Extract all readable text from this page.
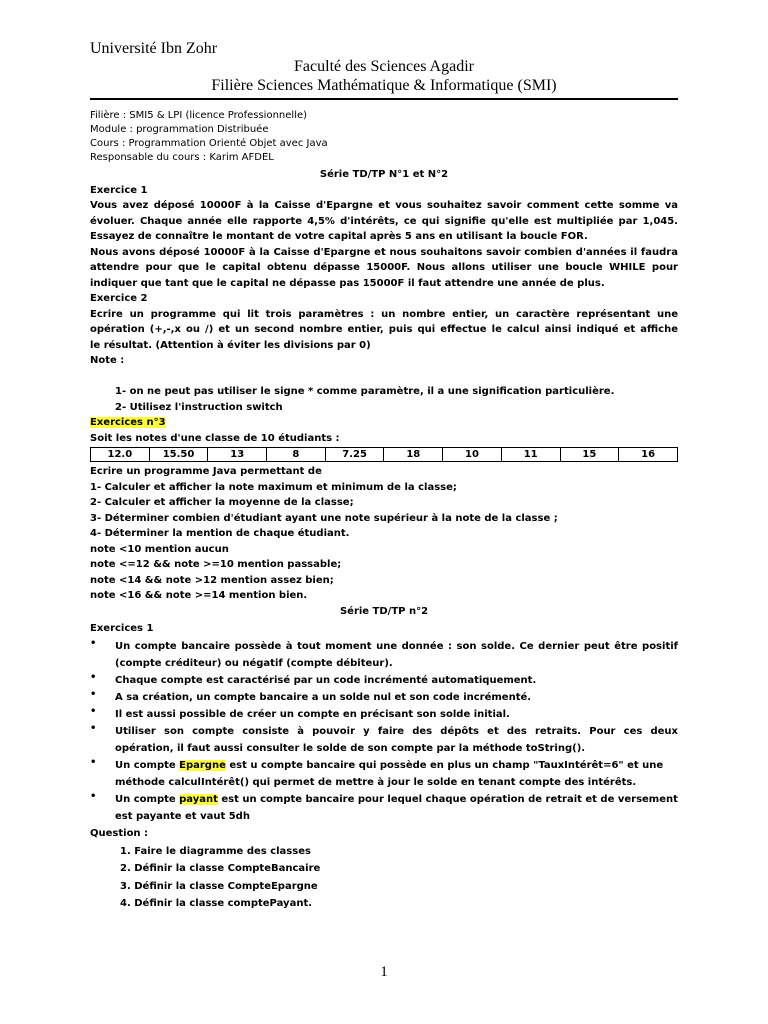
Université Ibn Zohr
Faculté des Sciences Agadir
Filière Sciences Mathématique & Informatique (SMI)
Filière : SMI5 & LPI (licence Professionnelle)
Module : programmation Distribuée
Cours : Programmation Orienté Objet avec Java
Responsable du cours : Karim AFDEL
Série TD/TP N°1 et N°2
Exercice 1
Vous avez déposé 10000F à la Caisse d'Epargne et vous souhaitez savoir comment cette somme va
évoluer. Chaque année elle rapporte 4,5% d'intérêts, ce qui signifie qu'elle est multipliée par 1,045.
Essayez de connaître le montant de votre capital après 5 ans en utilisant la boucle FOR.
Nous avons déposé 10000F à la Caisse d'Epargne et nous souhaitons savoir combien d'années il faudra
attendre pour que le capital obtenu dépasse 15000F. Nous allons utiliser une boucle WHILE pour
indiquer que tant que le capital ne dépasse pas 15000F il faut attendre une année de plus.
Exercice 2
Ecrire un programme qui lit trois paramètres : un nombre entier, un caractère représentant une
opération (+,-,x ou /) et un second nombre entier, puis qui effectue le calcul ainsi indiqué et affiche
le résultat. (Attention à éviter les divisions par 0)
Note :
1- on ne peut pas utiliser le signe * comme paramètre, il a une signification particulière.
2- Utilisez l'instruction switch
Exercices n°3
Soit les notes d'une classe de 10 étudiants :
12.0	15.50	13	8	7.25	18	10	11	15	16
Ecrire un programme Java permettant de
1- Calculer et afficher la note maximum et minimum de la classe;
2- Calculer et afficher la moyenne de la classe;
3- Déterminer combien d'étudiant ayant une note supérieur à la note de la classe ;
4- Déterminer la mention de chaque étudiant.
note <10 mention aucun
note <=12 && note >=10 mention passable;
note <14 && note >12 mention assez bien;
note <16 && note >=14 mention bien.
Série TD/TP n°2
Exercices 1
•	Un compte bancaire possède à tout moment une donnée : son solde. Ce dernier peut être positif
(compte créditeur) ou négatif (compte débiteur).
•	Chaque compte est caractérisé par un code incrémenté automatiquement.
•	A sa création, un compte bancaire a un solde nul et son code incrémenté.
•	Il est aussi possible de créer un compte en précisant son solde initial.
•	Utiliser son compte consiste à pouvoir y faire des dépôts et des retraits. Pour ces deux
opération, il faut aussi consulter le solde de son compte par la méthode toString().
•	Un compte Epargne est u compte bancaire qui possède en plus un champ "TauxIntérêt=6" et une
méthode calculIntérêt() qui permet de mettre à jour le solde en tenant compte des intérêts.
•	Un compte payant est un compte bancaire pour lequel chaque opération de retrait et de versement
est payante et vaut 5dh
Question :
1. Faire le diagramme des classes
2. Définir la classe CompteBancaire
3. Définir la classe CompteEpargne
4. Définir la classe comptePayant.
1
